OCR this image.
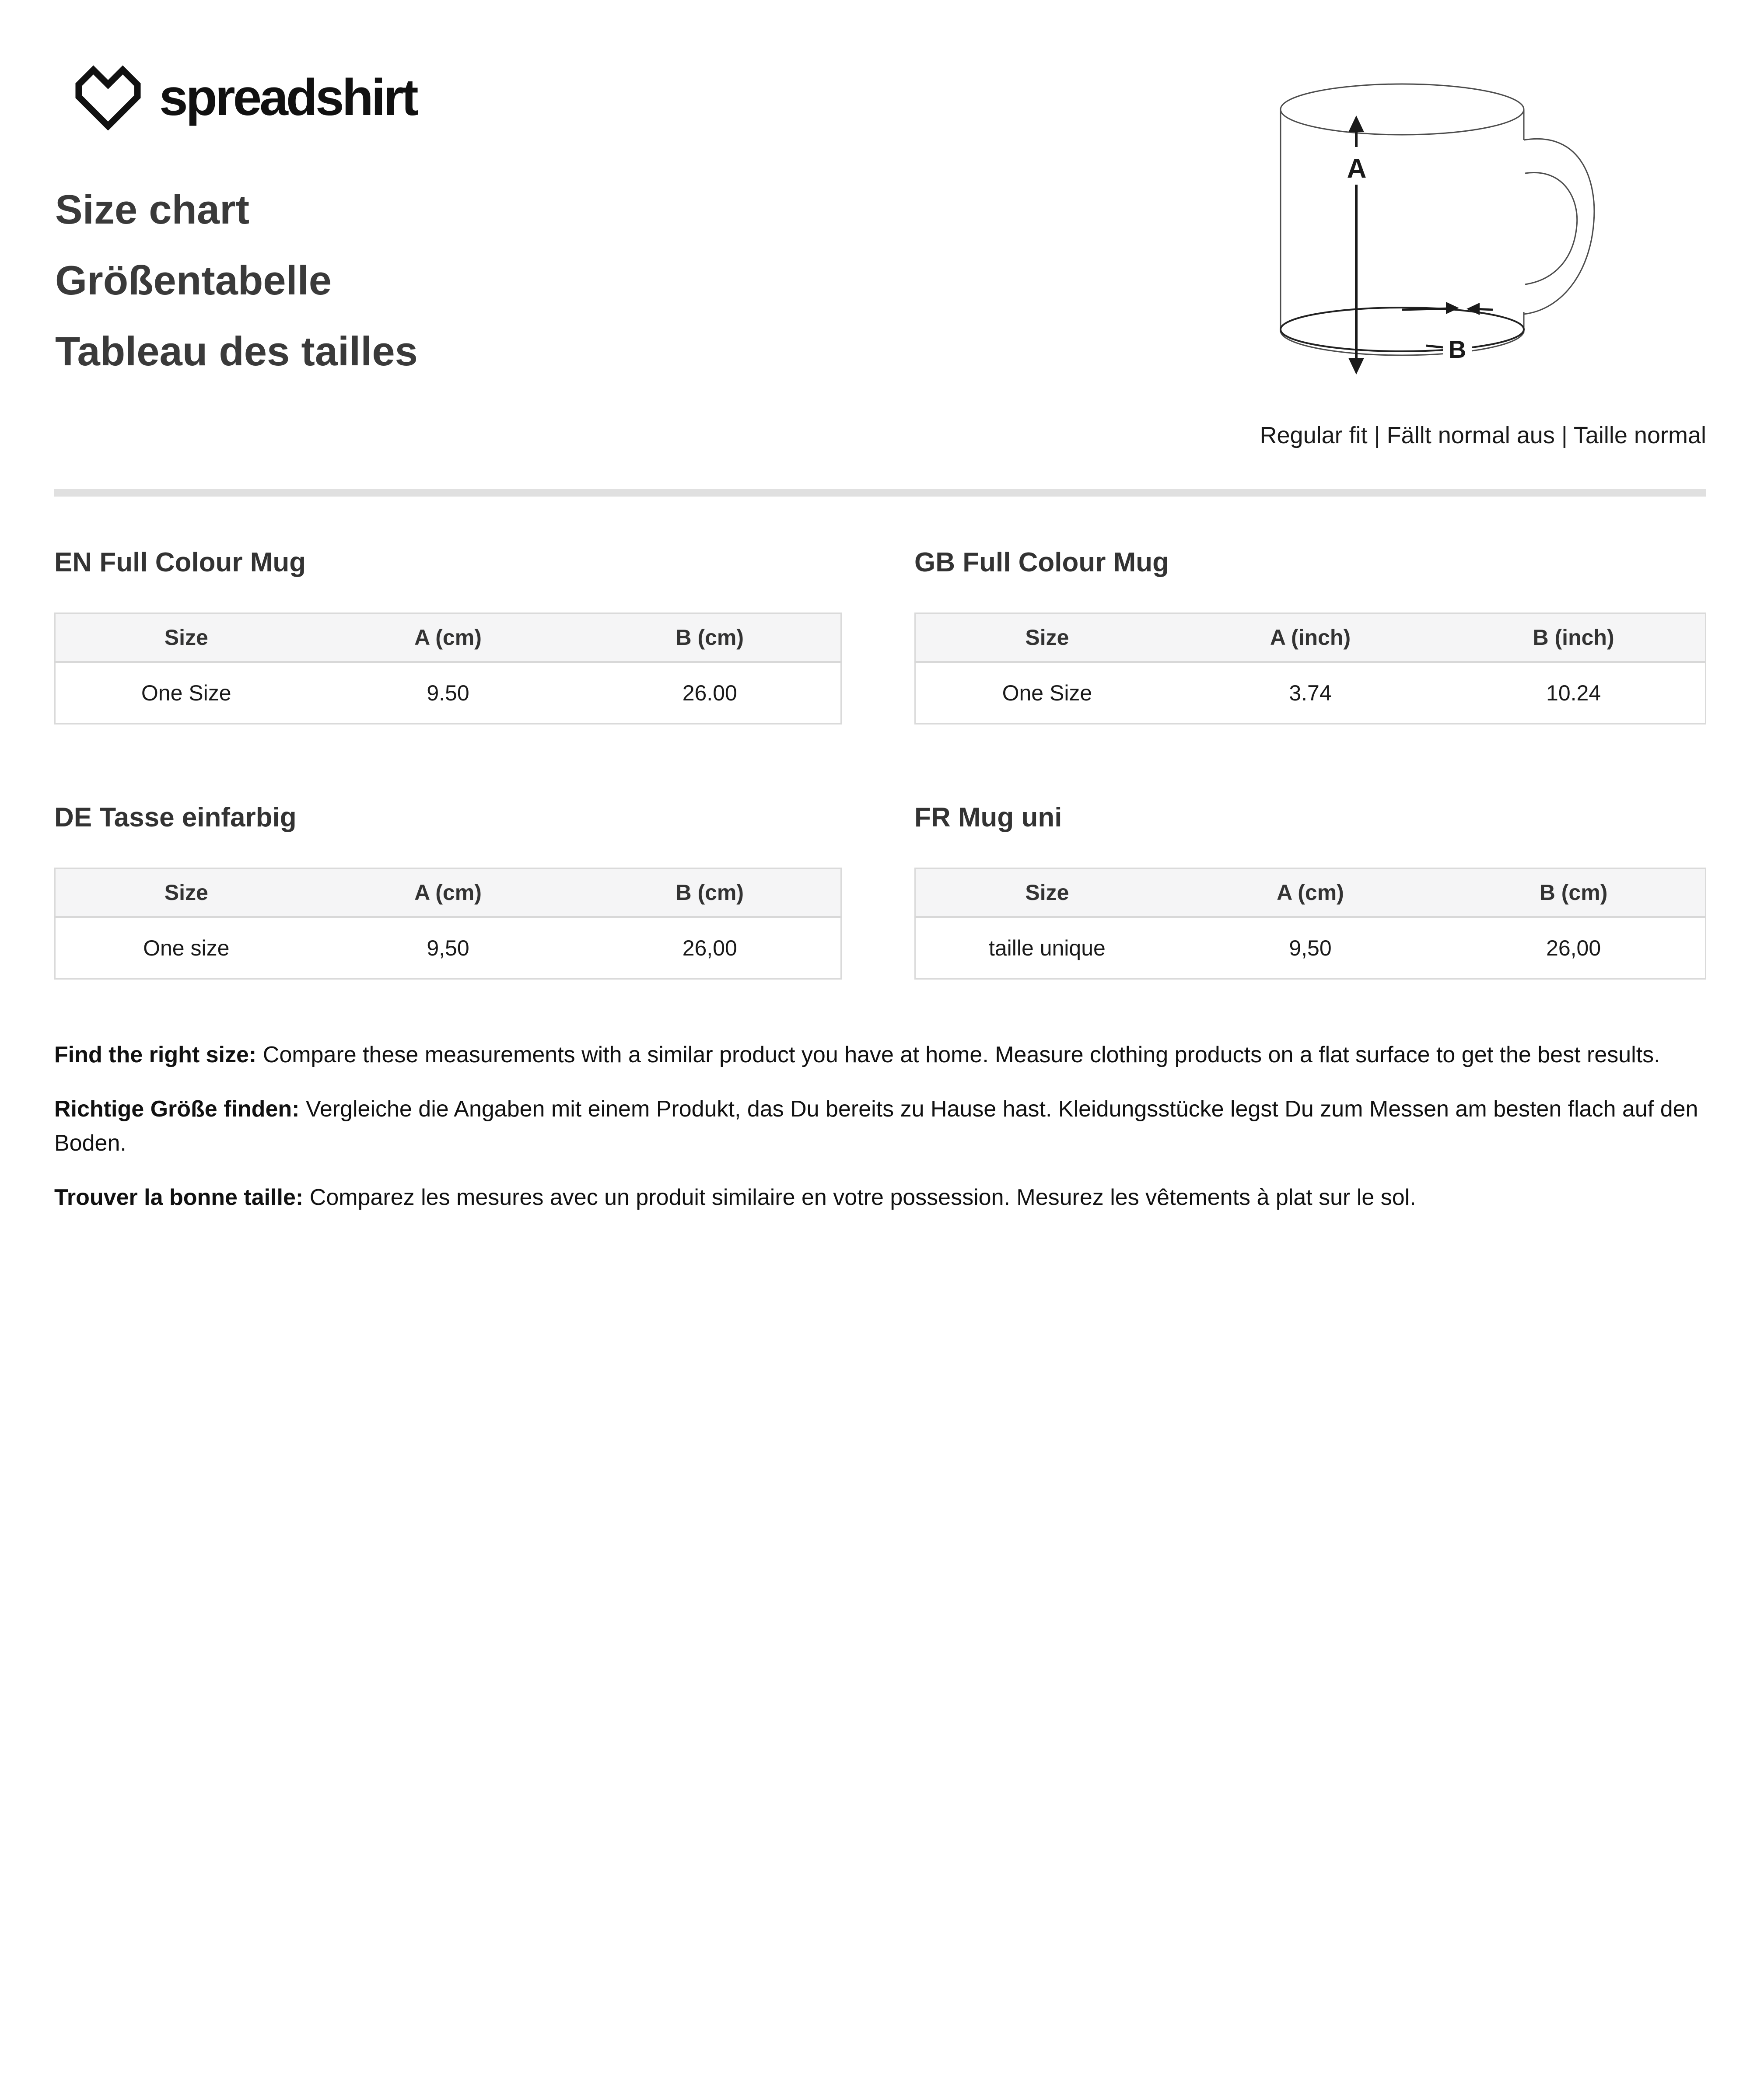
spreadshirt
Size chart
Größentabelle
Tableau des tailles
A
B
Regular fit | Fällt normal aus | Taille normal
EN Full Colour Mug
Size	A (cm)	B (cm)
One Size	9.50	26.00
GB Full Colour Mug
Size	A (inch)	B (inch)
One Size	3.74	10.24
DE Tasse einfarbig
Size	A (cm)	B (cm)
One size	9,50	26,00
FR Mug uni
Size	A (cm)	B (cm)
taille unique	9,50	26,00

Find the right size: Compare these measurements with a similar product you have at home. Measure clothing products on a flat surface to get the best results.

Richtige Größe finden: Vergleiche die Angaben mit einem Produkt, das Du bereits zu Hause hast. Kleidungsstücke legst Du zum Messen am besten flach auf den Boden.

Trouver la bonne taille: Comparez les mesures avec un produit similaire en votre possession. Mesurez les vêtements à plat sur le sol.
